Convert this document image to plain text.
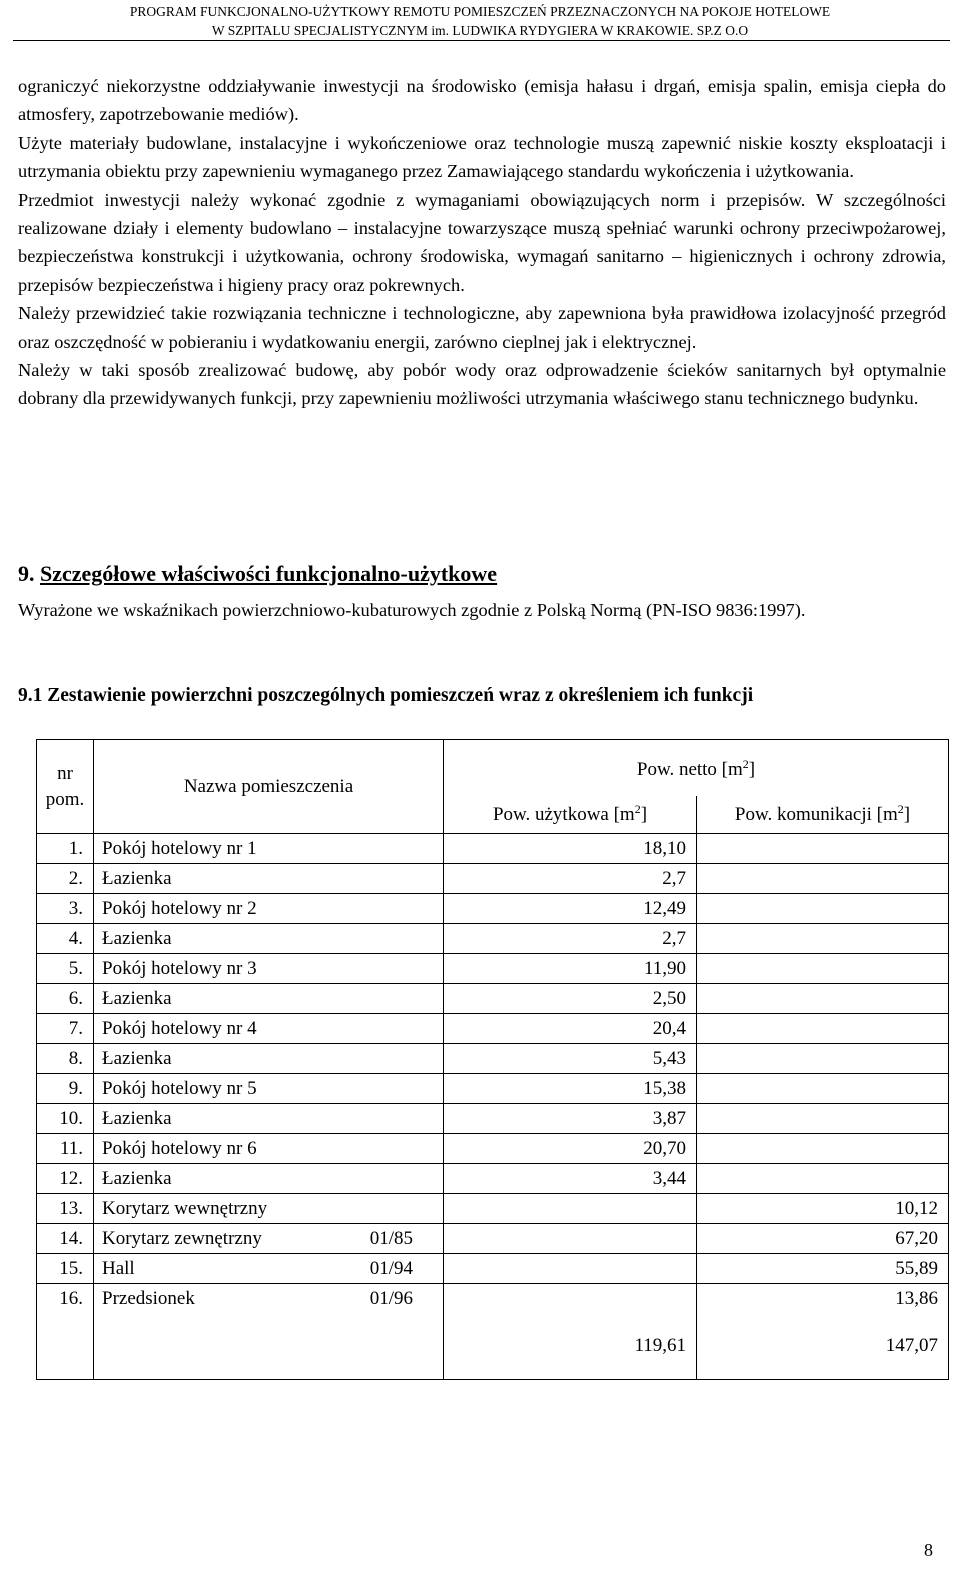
PROGRAM FUNKCJONALNO-UŻYTKOWY REMOTU POMIESZCZEŃ PRZEZNACZONYCH NA POKOJE HOTELOWE
W SZPITALU SPECJALISTYCZNYM im. LUDWIKA RYDYGIERA W KRAKOWIE. SP.Z O.O

ograniczyć niekorzystne oddziaływanie inwestycji na środowisko (emisja hałasu i drgań, emisja spalin, emisja ciepła do atmosfery, zapotrzebowanie mediów).

Użyte materiały budowlane, instalacyjne i wykończeniowe oraz technologie muszą zapewnić niskie koszty eksploatacji i utrzymania obiektu przy zapewnieniu wymaganego przez Zamawiającego standardu wykończenia i użytkowania.

Przedmiot inwestycji należy wykonać zgodnie z wymaganiami obowiązujących norm i przepisów. W szczególności realizowane działy i elementy budowlano – instalacyjne towarzyszące muszą spełniać warunki ochrony przeciwpożarowej, bezpieczeństwa konstrukcji i użytkowania, ochrony środowiska, wymagań sanitarno – higienicznych i ochrony zdrowia, przepisów bezpieczeństwa i higieny pracy oraz pokrewnych.

Należy przewidzieć takie rozwiązania techniczne i technologiczne, aby zapewniona była prawidłowa izolacyjność przegród oraz oszczędność w pobieraniu i wydatkowaniu energii, zarówno cieplnej jak i elektrycznej.

Należy w taki sposób zrealizować budowę, aby pobór wody oraz odprowadzenie ścieków sanitarnych był optymalnie dobrany dla przewidywanych funkcji, przy zapewnieniu możliwości utrzymania właściwego stanu technicznego budynku.

9. Szczegółowe właściwości funkcjonalno-użytkowe
Wyrażone we wskaźnikach powierzchniowo-kubaturowych zgodnie z Polską Normą (PN-ISO 9836:1997).
9.1 Zestawienie powierzchni poszczególnych pomieszczeń wraz z określeniem ich funkcji
nr
pom.	Nazwa pomieszczenia	Pow. netto $[m^2]$	
		Pow. użytkowa $[m^2]$	Pow. komunikacji $[m^2]$
1.	Pokój hotelowy nr 1	18,10	
2.	Łazienka	2,7	
3.	Pokój hotelowy nr 2	12,49	
4.	Łazienka	2,7	
5.	Pokój hotelowy nr 3	11,90	
6.	Łazienka	2,50	
7.	Pokój hotelowy nr 4	20,4	
8.	Łazienka	5,43	
9.	Pokój hotelowy nr 5	15,38	
10.	Łazienka	3,87	
11.	Pokój hotelowy nr 6	20,70	
12.	Łazienka	3,44	
13.	Korytarz wewnętrzny		10,12
14.	Korytarz zewnętrzny 01/85		67,20
15.	Hall 01/94		55,89
16.	Przedsionek 01/96		13,86
		119,61	147,07
8
